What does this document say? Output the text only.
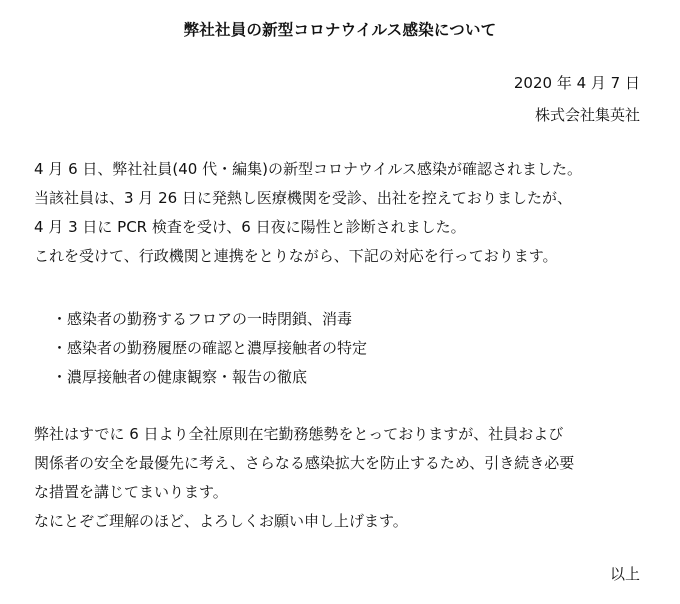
弊社社員の新型コロナウイルス感染について
2020 年 4 月 7 日
株式会社集英社
4 月 6 日、弊社社員(40 代・編集)の新型コロナウイルス感染が確認されました。
当該社員は、3 月 26 日に発熱し医療機関を受診、出社を控えておりましたが、
4 月 3 日に PCR 検査を受け、6 日夜に陽性と診断されました。
これを受けて、行政機関と連携をとりながら、下記の対応を行っております。
・感染者の勤務するフロアの一時閉鎖、消毒
・感染者の勤務履歴の確認と濃厚接触者の特定
・濃厚接触者の健康観察・報告の徹底
弊社はすでに 6 日より全社原則在宅勤務態勢をとっておりますが、社員および
関係者の安全を最優先に考え、さらなる感染拡大を防止するため、引き続き必要
な措置を講じてまいります。
なにとぞご理解のほど、よろしくお願い申し上げます。
以上
